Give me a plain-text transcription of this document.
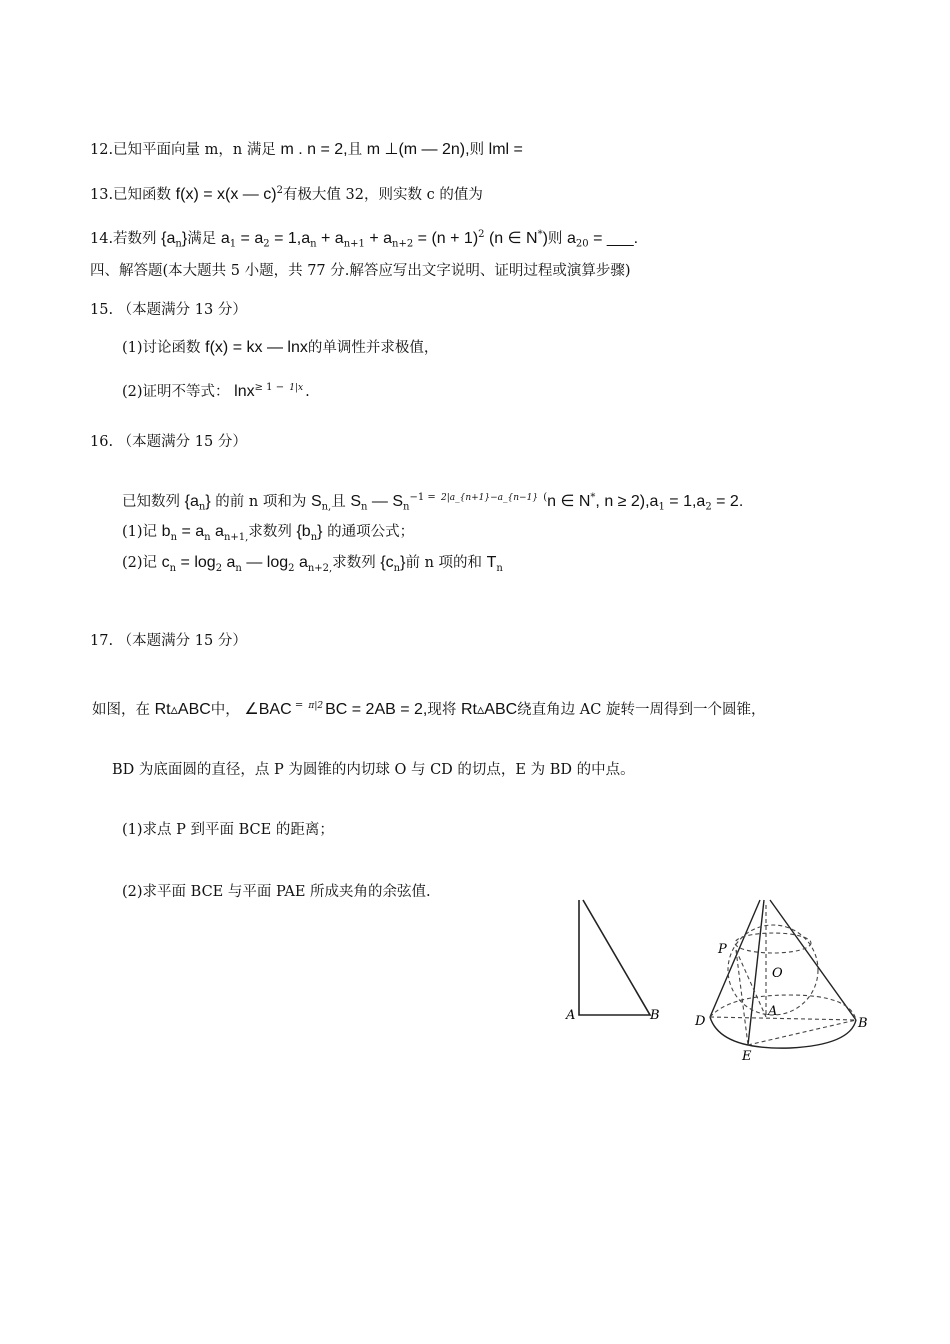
12.已知平面向量 m，n 满足 m . n = 2,且 m ⊥(m — 2n),则 lml =
13.已知函数 f(x) = x(x — c)$^2$有极大值 32，则实数 c 的值为
14.若数列 $\{a_n\}$满足 $a_1 = a_2 = 1,a_n + a_{n+1} + a_{n+2} = (n + 1)^2$ (n ∈ N*)则 $a_{20}$ = ___.
四、解答题(本大题共 5 小题，共 77 分.解答应写出文字说明、证明过程或演算步骤)
15. （本题满分 13 分）
(1)讨论函数 f(x) = kx — lnx的单调性并求极值，
(2)证明不等式： lnx$^{\ge 1 -}$ 1|x .
16. （本题满分 15 分）
已知数列 $\{a_n\}$ 的前 n 项和为 $S_{n,}$且 $S_n$ — $S_n^{-1}$ = 2|a_{n+1}−a_{n−1} (n ∈ N*, $n \ge 2),a_1 = 1,a_2 = 2$.
(1)记 $b_n = a_n$ $a_{n+1,}$求数列 $\{b_n\}$ 的通项公式；
(2)记 $c_n = \log_2 a_n$ — $\log_2 a_{n+2,}$求数列 $\{c_n\}$前 n 项的和 $T_n$
17. （本题满分 15 分）
如图，在 Rt▵ABC中， ∠BAC = π|2 BC = 2AB = 2,现将 Rt▵ABC绕直角边 AC 旋转一周得到一个圆锥，
BD 为底面圆的直径，点 P 为圆锥的内切球 O 与 CD 的切点，E 为 BD 的中点。
(1)求点 P 到平面 BCE 的距离；
(2)求平面 BCE 与平面 PAE 所成夹角的余弦值.
A	B
P
O
A
D	B
E
